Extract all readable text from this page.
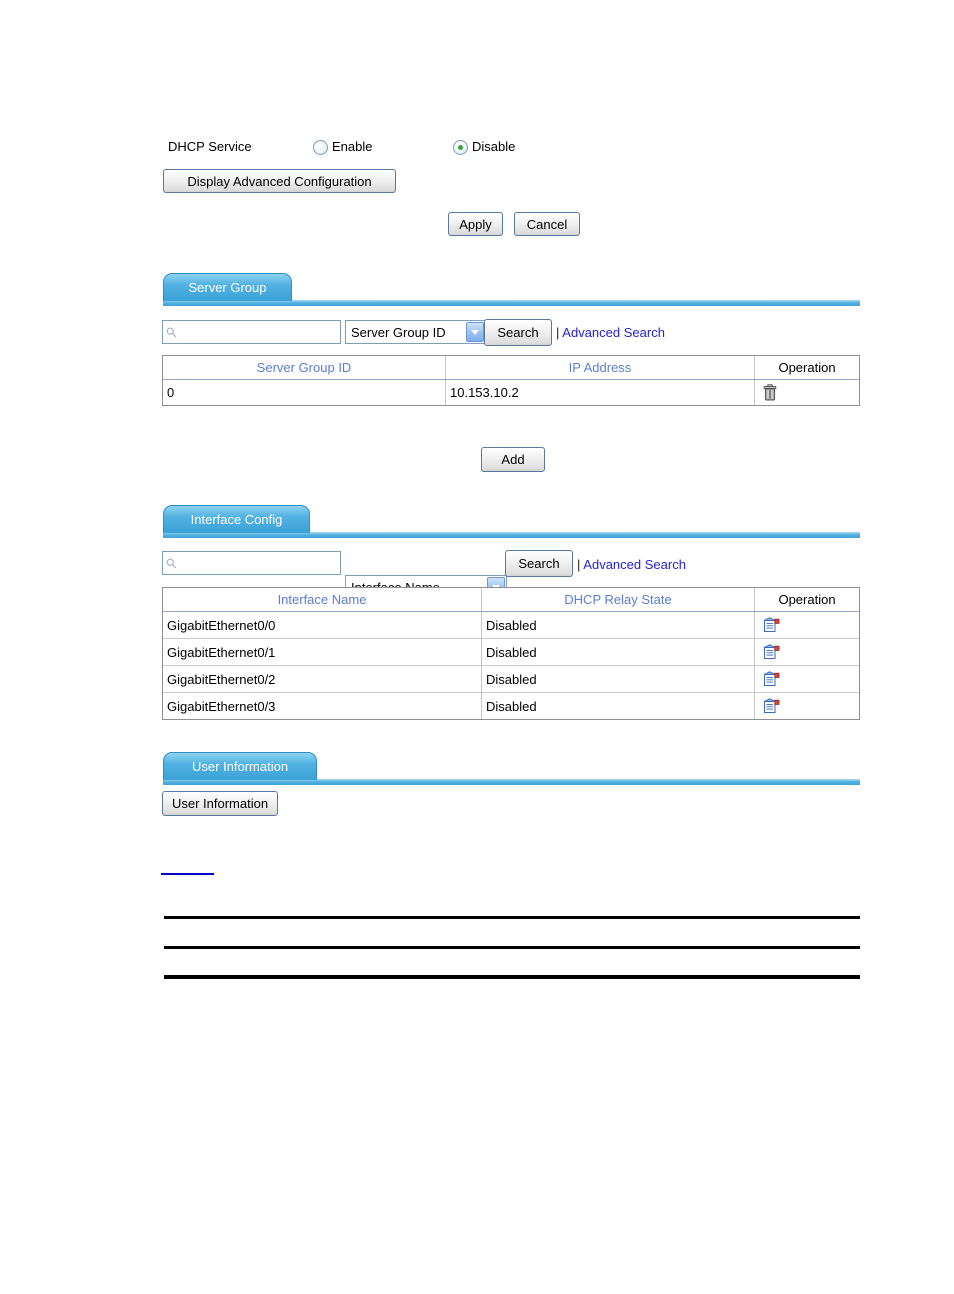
DHCP Service	Enable	Disable
Display Advanced Configuration
Apply	Cancel
Server Group
Server Group ID	Search	| Advanced Search
Server Group ID	IP Address	Operation
0	10.153.10.2
Add
Interface Config
Search	| Advanced Search
Interface Name	DHCP Relay State	Operation
GigabitEthernet0/0	Disabled
GigabitEthernet0/1	Disabled
GigabitEthernet0/2	Disabled
GigabitEthernet0/3	Disabled
User Information
User Information
